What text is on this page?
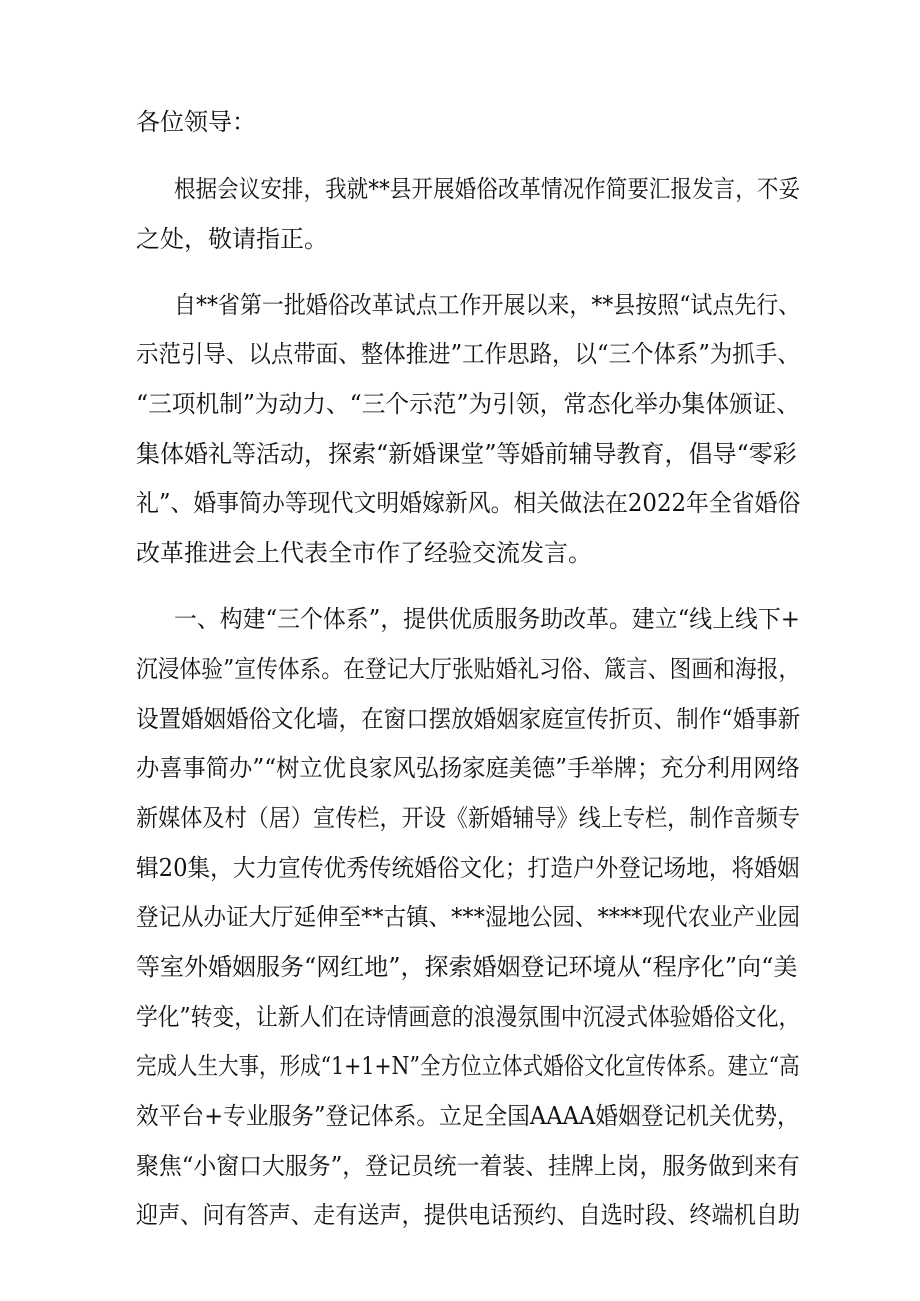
各位领导：
根据会议安排，我就**县开展婚俗改革情况作简要汇报发言，不妥
之处，敬请指正。
自**省第一批婚俗改革试点工作开展以来，**县按照“试点先行、
示范引导、以点带面、整体推进”工作思路，以“三个体系”为抓手、
“三项机制”为动力、“三个示范”为引领，常态化举办集体颁证、
集体婚礼等活动，探索“新婚课堂”等婚前辅导教育，倡导“零彩
礼”、婚事简办等现代文明婚嫁新风。相关做法在2022年全省婚俗
改革推进会上代表全市作了经验交流发言。
一、构建“三个体系”，提供优质服务助改革。建立“线上线下+
沉浸体验”宣传体系。在登记大厅张贴婚礼习俗、箴言、图画和海报，
设置婚姻婚俗文化墙，在窗口摆放婚姻家庭宣传折页、制作“婚事新
办喜事简办”“树立优良家风弘扬家庭美德”手举牌；充分利用网络
新媒体及村（居）宣传栏，开设《新婚辅导》线上专栏，制作音频专
辑20集，大力宣传优秀传统婚俗文化；打造户外登记场地，将婚姻
登记从办证大厅延伸至**古镇、***湿地公园、****现代农业产业园
等室外婚姻服务“网红地”，探索婚姻登记环境从“程序化”向“美
学化”转变，让新人们在诗情画意的浪漫氛围中沉浸式体验婚俗文化，
完成人生大事，形成“1+1+N”全方位立体式婚俗文化宣传体系。建立“高
效平台+专业服务”登记体系。立足全国AAAA婚姻登记机关优势，
聚焦“小窗口大服务”，登记员统一着装、挂牌上岗，服务做到来有
迎声、问有答声、走有送声，提供电话预约、自选时段、终端机自助
